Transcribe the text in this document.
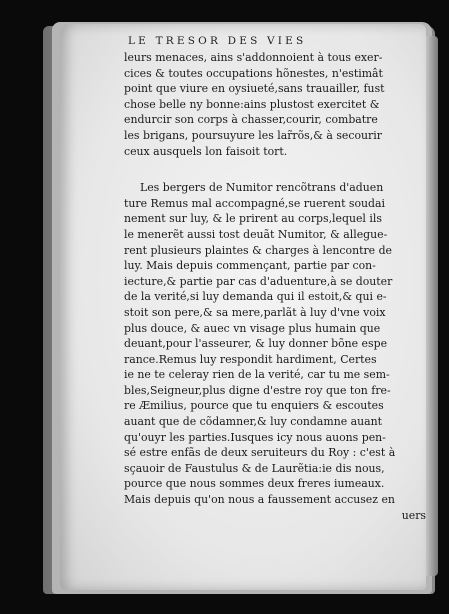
LE TRESOR DES VIES
leurs menaces, ains s'addonnoient à tous exer-
cices & toutes occupations hõnestes, n'estimât
point que viure en oysiueté,sans trauailler, fust
chose belle ny bonne:ains plustost exercitet &
endurcir son corps à chasser,courir, combatre
les brigans, poursuyure les lar̃rõs,& à secourir
ceux ausquels lon faisoit tort.
Les bergers de Numitor rencõtrans d'aduen
ture Remus mal accompagné,se ruerent soudai
nement sur luy, & le prirent au corps,lequel ils
le menerẽt aussi tost deuãt Numitor, & allegue-
rent plusieurs plaintes & charges à lencontre de
luy. Mais depuis commençant, partie par con-
iecture,& partie par cas d'aduenture,à se douter
de la verité,si luy demanda qui il estoit,& qui e-
stoit son pere,& sa mere,parlãt à luy d'vne voix
plus douce, & auec vn visage plus humain que
deuant,pour l'asseurer, & luy donner bõne espe
rance.Remus luy respondit hardiment, Certes
ie ne te celeray rien de la verité, car tu me sem-
bles,Seigneur,plus digne d'estre roy que ton fre-
re Æmilius, pource que tu enquiers & escoutes
auant que de cõdamner,& luy condamne auant
qu'ouyr les parties.Iusques icy nous auons pen-
sé estre enfãs de deux seruiteurs du Roy : c'est à
sçauoir de Faustulus & de Laurẽtia:ie dis nous,
pource que nous sommes deux freres iumeaux.
Mais depuis qu'on nous a faussement accusez en
uers
